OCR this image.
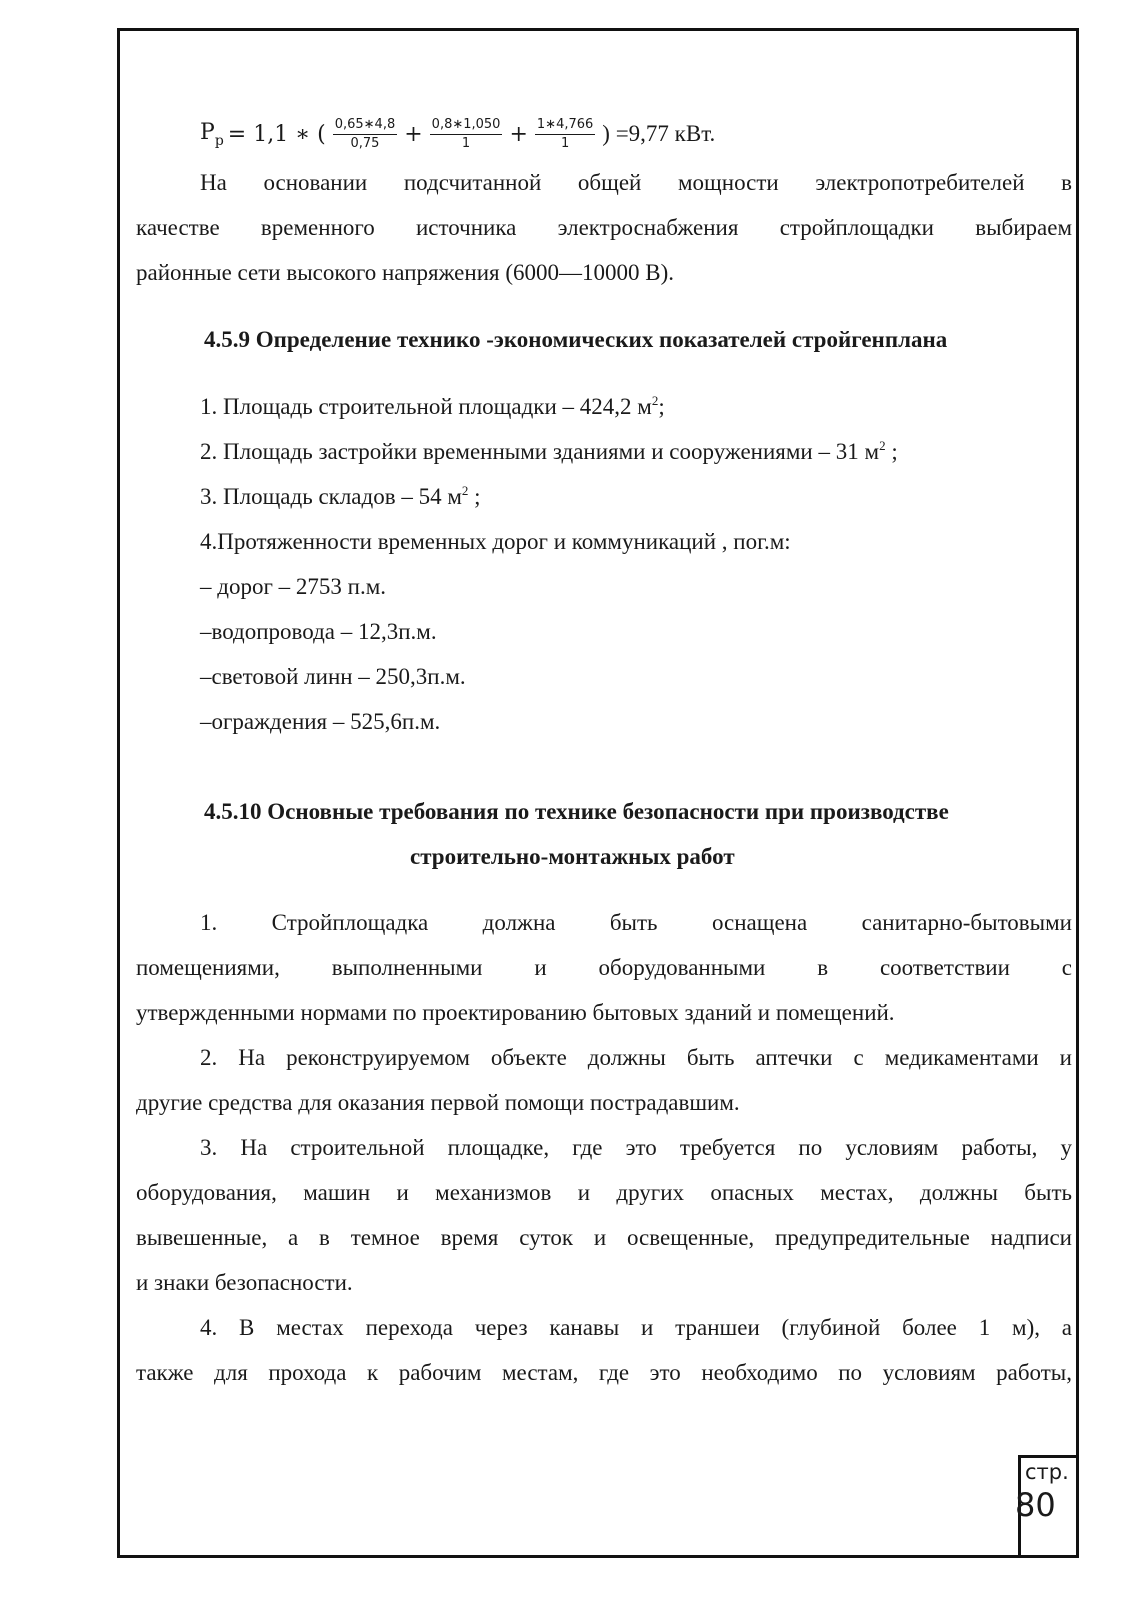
$P_р = 1,1$ ∗ ( $\frac{0,65∗4,8}{0,75} + \frac{0,8∗1,050}{1} + \frac{1∗4,766}{1}$ ) =9,77 кВт.
На основании подсчитанной общей мощности электропотребителей в
качестве временного источника электроснабжения стройплощадки выбираем
районные сети высокого напряжения (6000—10000 В).
4.5.9 Определение технико -экономических показателей стройгенплана
1. Площадь строительной площадки – 424,2 $м^2$;
2. Площадь застройки временными зданиями и сооружениями – 31 $м^2$ ;
3. Площадь складов – 54 $м^2$ ;
4.Протяженности временных дорог и коммуникаций , пог.м:
– дорог – 2753 п.м.
–водопровода – 12,3п.м.
–световой линн – 250,3п.м.
–ограждения – 525,6п.м.
4.5.10 Основные требования по технике безопасности при производстве
строительно-монтажных работ
1. Стройплощадка должна быть оснащена санитарно-бытовыми
помещениями, выполненными и оборудованными в соответствии с
утвержденными нормами по проектированию бытовых зданий и помещений.
2. На реконструируемом объекте должны быть аптечки с медикаментами и
другие средства для оказания первой помощи пострадавшим.
3. На строительной площадке, где это требуется по условиям работы, у
оборудования, машин и механизмов и других опасных местах, должны быть
вывешенные, а в темное время суток и освещенные, предупредительные надписи
и знаки безопасности.
4. В местах перехода через канавы и траншеи (глубиной более 1 м), а
также для прохода к рабочим местам, где это необходимо по условиям работы,
стр.
80
